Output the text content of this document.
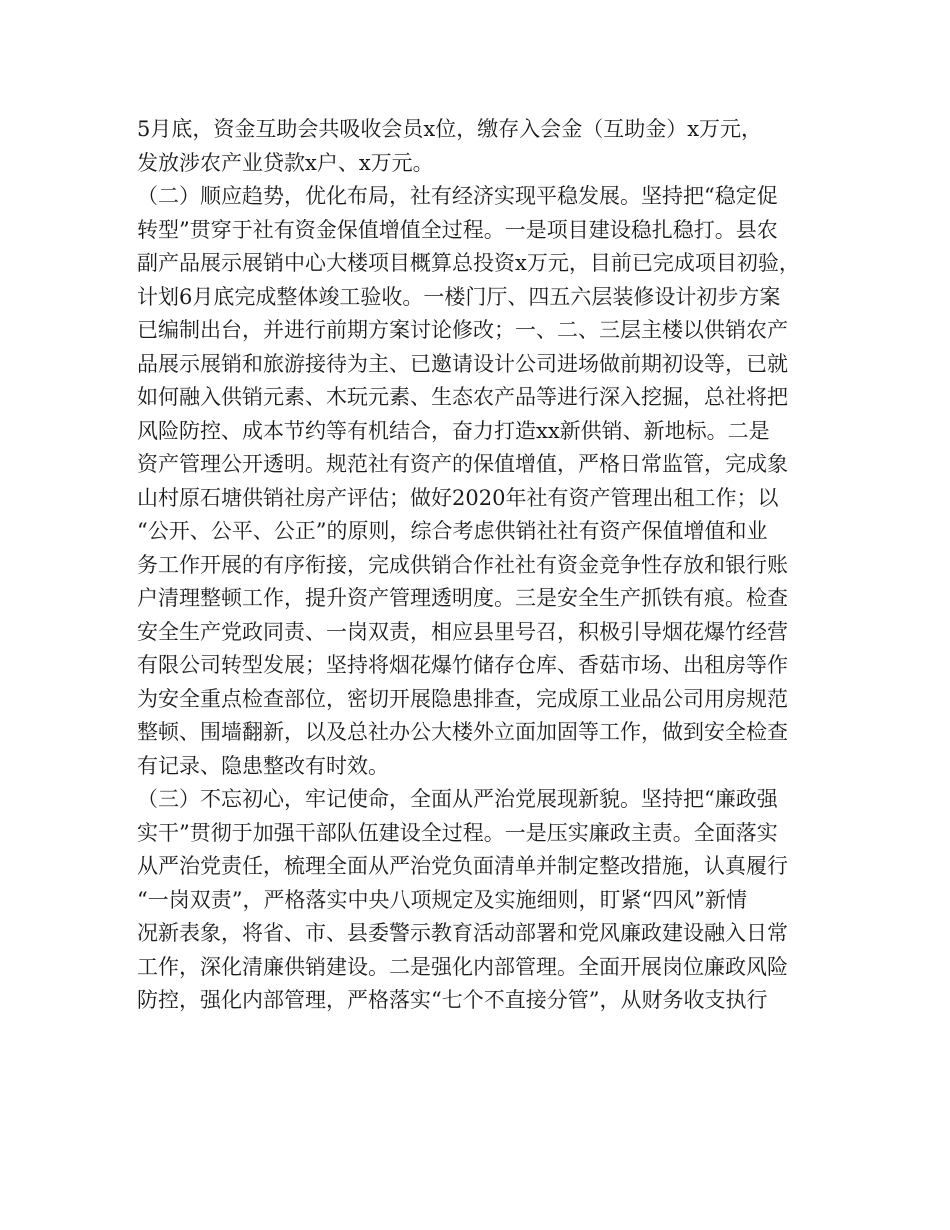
5月底，资金互助会共吸收会员x位，缴存入会金（互助金）x万元，
发放涉农产业贷款x户、x万元。
（二）顺应趋势，优化布局，社有经济实现平稳发展。坚持把“稳定促
转型”贯穿于社有资金保值增值全过程。一是项目建设稳扎稳打。县农
副产品展示展销中心大楼项目概算总投资x万元，目前已完成项目初验，
计划6月底完成整体竣工验收。一楼门厅、四五六层装修设计初步方案
已编制出台，并进行前期方案讨论修改；一、二、三层主楼以供销农产
品展示展销和旅游接待为主、已邀请设计公司进场做前期初设等，已就
如何融入供销元素、木玩元素、生态农产品等进行深入挖掘，总社将把
风险防控、成本节约等有机结合，奋力打造xx新供销、新地标。二是
资产管理公开透明。规范社有资产的保值增值，严格日常监管，完成象
山村原石塘供销社房产评估；做好2020年社有资产管理出租工作；以
“公开、公平、公正”的原则，综合考虑供销社社有资产保值增值和业
务工作开展的有序衔接，完成供销合作社社有资金竞争性存放和银行账
户清理整顿工作，提升资产管理透明度。三是安全生产抓铁有痕。检查
安全生产党政同责、一岗双责，相应县里号召，积极引导烟花爆竹经营
有限公司转型发展；坚持将烟花爆竹储存仓库、香菇市场、出租房等作
为安全重点检查部位，密切开展隐患排查，完成原工业品公司用房规范
整顿、围墙翻新，以及总社办公大楼外立面加固等工作，做到安全检查
有记录、隐患整改有时效。
（三）不忘初心，牢记使命，全面从严治党展现新貌。坚持把“廉政强
实干”贯彻于加强干部队伍建设全过程。一是压实廉政主责。全面落实
从严治党责任，梳理全面从严治党负面清单并制定整改措施，认真履行
“一岗双责”，严格落实中央八项规定及实施细则，盯紧“四风”新情
况新表象，将省、市、县委警示教育活动部署和党风廉政建设融入日常
工作，深化清廉供销建设。二是强化内部管理。全面开展岗位廉政风险
防控，强化内部管理，严格落实“七个不直接分管”，从财务收支执行
